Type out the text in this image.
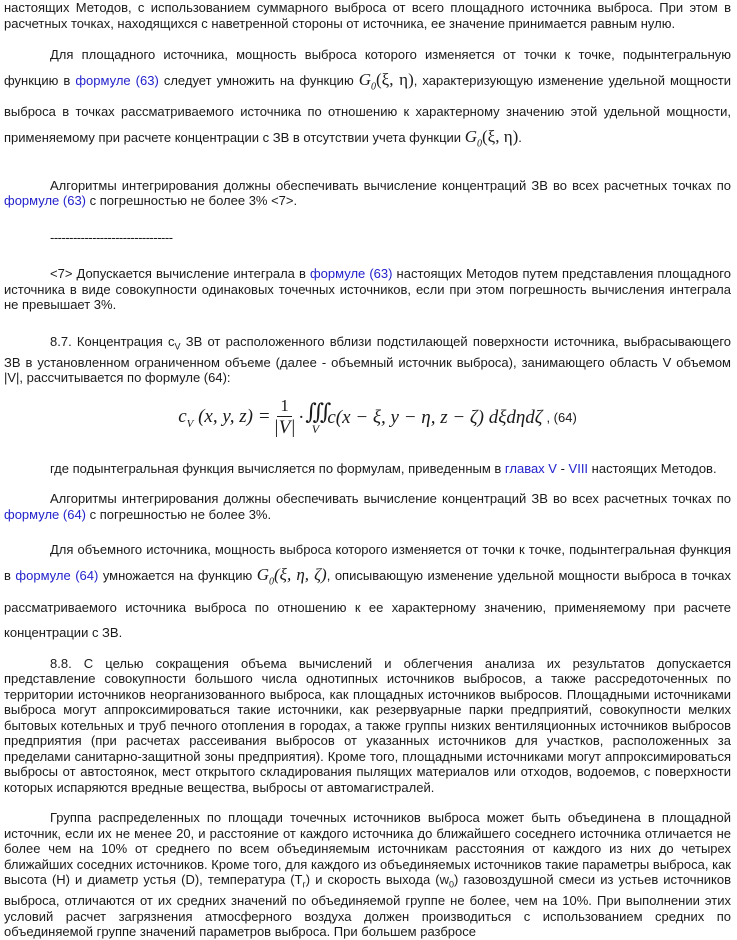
настоящих Методов, с использованием суммарного выброса от всего площадного источника выброса. При этом в расчетных точках, находящихся с наветренной стороны от источника, ее значение принимается равным нулю.

Для площадного источника, мощность выброса которого изменяется от точки к точке, подынтегральную функцию в формуле (63) следует умножить на функцию $G_0(\xi$, η), характеризующую изменение удельной мощности выброса в точках рассматриваемого источника по отношению к характерному значению этой удельной мощности, применяемому при расчете концентрации с ЗВ в отсутствии учета функции $G_0(\xi$, η).

Алгоритмы интегрирования должны обеспечивать вычисление концентраций ЗВ во всех расчетных точках по формуле (63) с погрешностью не более 3% <7>.

--------------------------------

<7> Допускается вычисление интеграла в формуле (63) настоящих Методов путем представления площадного источника в виде совокупности одинаковых точечных источников, если при этом погрешность вычисления интеграла не превышает 3%.

8.7. Концентрация $c_V$ ЗВ от расположенного вблизи подстилающей поверхности источника, выбрасывающего ЗВ в установленном ограниченном объеме (далее - объемный источник выброса), занимающего область V объемом |V|, рассчитывается по формуле (64):

$c_V$ (x, y, $z) = \frac{1}{|V|}$ · ∭
V
c(x − ξ, y − η, z − ζ) dξdηdζ , (64)

где подынтегральная функция вычисляется по формулам, приведенным в главах V - VIII настоящих Методов.

Алгоритмы интегрирования должны обеспечивать вычисление концентраций ЗВ во всех расчетных точках по формуле (64) с погрешностью не более 3%.

Для объемного источника, мощность выброса которого изменяется от точки к точке, подынтегральная функция в формуле (64) умножается на функцию $G_0(\xi$, η, ζ), описывающую изменение удельной мощности выброса в точках рассматриваемого источника выброса по отношению к ее характерному значению, применяемому при расчете концентрации с ЗВ.

8.8. С целью сокращения объема вычислений и облегчения анализа их результатов допускается представление совокупности большого числа однотипных источников выбросов, а также рассредоточенных по территории источников неорганизованного выброса, как площадных источников выбросов. Площадными источниками выброса могут аппроксимироваться такие источники, как резервуарные парки предприятий, совокупности мелких бытовых котельных и труб печного отопления в городах, а также группы низких вентиляционных источников выбросов предприятия (при расчетах рассеивания выбросов от указанных источников для участков, расположенных за пределами санитарно-защитной зоны предприятия). Кроме того, площадными источниками могут аппроксимироваться выбросы от автостоянок, мест открытого складирования пылящих материалов или отходов, водоемов, с поверхности которых испаряются вредные вещества, выбросы от автомагистралей.

Группа распределенных по площади точечных источников выброса может быть объединена в площадной источник, если их не менее 20, и расстояние от каждого источника до ближайшего соседнего источника отличается не более чем на 10% от среднего по всем объединяемым источникам расстояния от каждого из них до четырех ближайших соседних источников. Кроме того, для каждого из объединяемых источников такие параметры выброса, как высота (H) и диаметр устья (D), температура $(T_г)$ и скорость выхода $(w_0)$ газовоздушной смеси из устьев источников выброса, отличаются от их средних значений по объединяемой группе не более, чем на 10%. При выполнении этих условий расчет загрязнения атмосферного воздуха должен производиться с использованием средних по объединяемой группе значений параметров выброса. При большем разбросе
